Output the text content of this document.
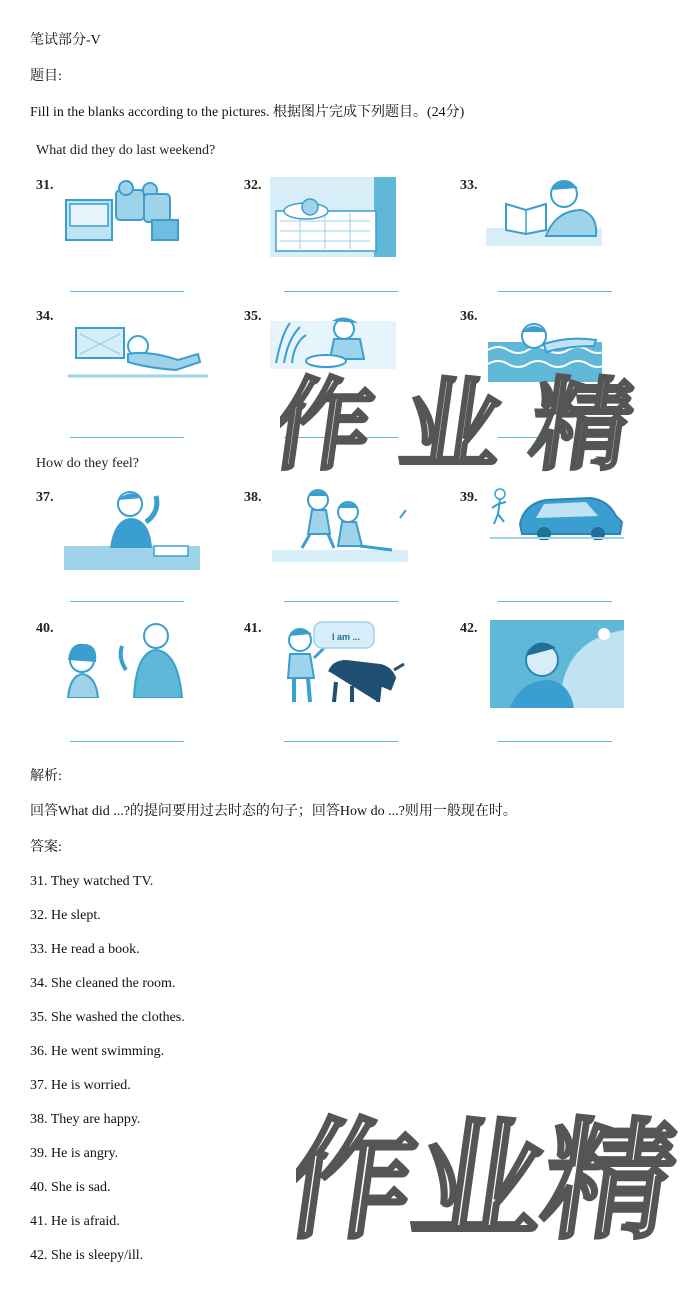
笔试部分-V
题目:
Fill in the blanks according to the pictures. 根据图片完成下列题目。(24分)
What did they do last weekend?
31.	32.	33.
34.	35.	36.
How do they feel?
37.	38.	39.
40.	41.
I am ...
42.
解析:
回答What did ...?的提问要用过去时态的句子；回答How do ...?则用一般现在时。
答案:
31. They watched TV.
32. He slept.
33. He read a book.
34. She cleaned the room.
35. She washed the clothes.
36. He went swimming.
37. He is worried.
38. They are happy.
39. He is angry.
40. She is sad.
41. He is afraid.
42. She is sleepy/ill.
作业精
作业精
